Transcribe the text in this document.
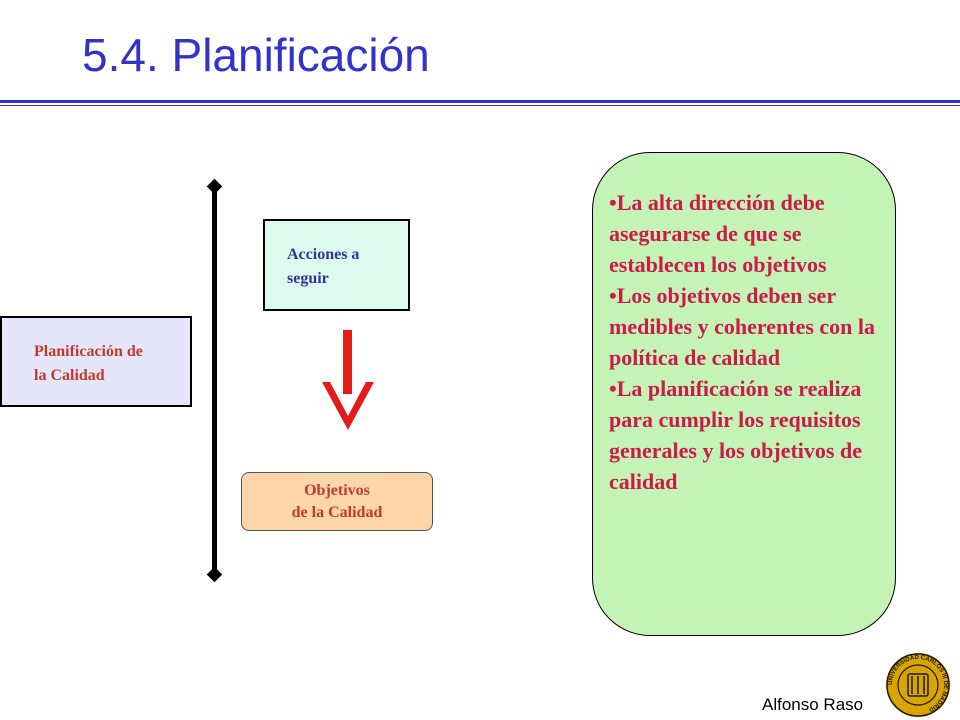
5.4. Planificación
Planificación de
la Calidad
Acciones a
seguir
Objetivos
de la Calidad
•La alta dirección debe asegurarse de que se establecen los objetivos
•Los objetivos deben ser medibles y coherentes con la política de calidad
•La planificación se realiza para cumplir los requisitos generales y los objetivos de calidad
Alfonso Raso
UNIVERSIDAD CARLOS III DE MADRID
